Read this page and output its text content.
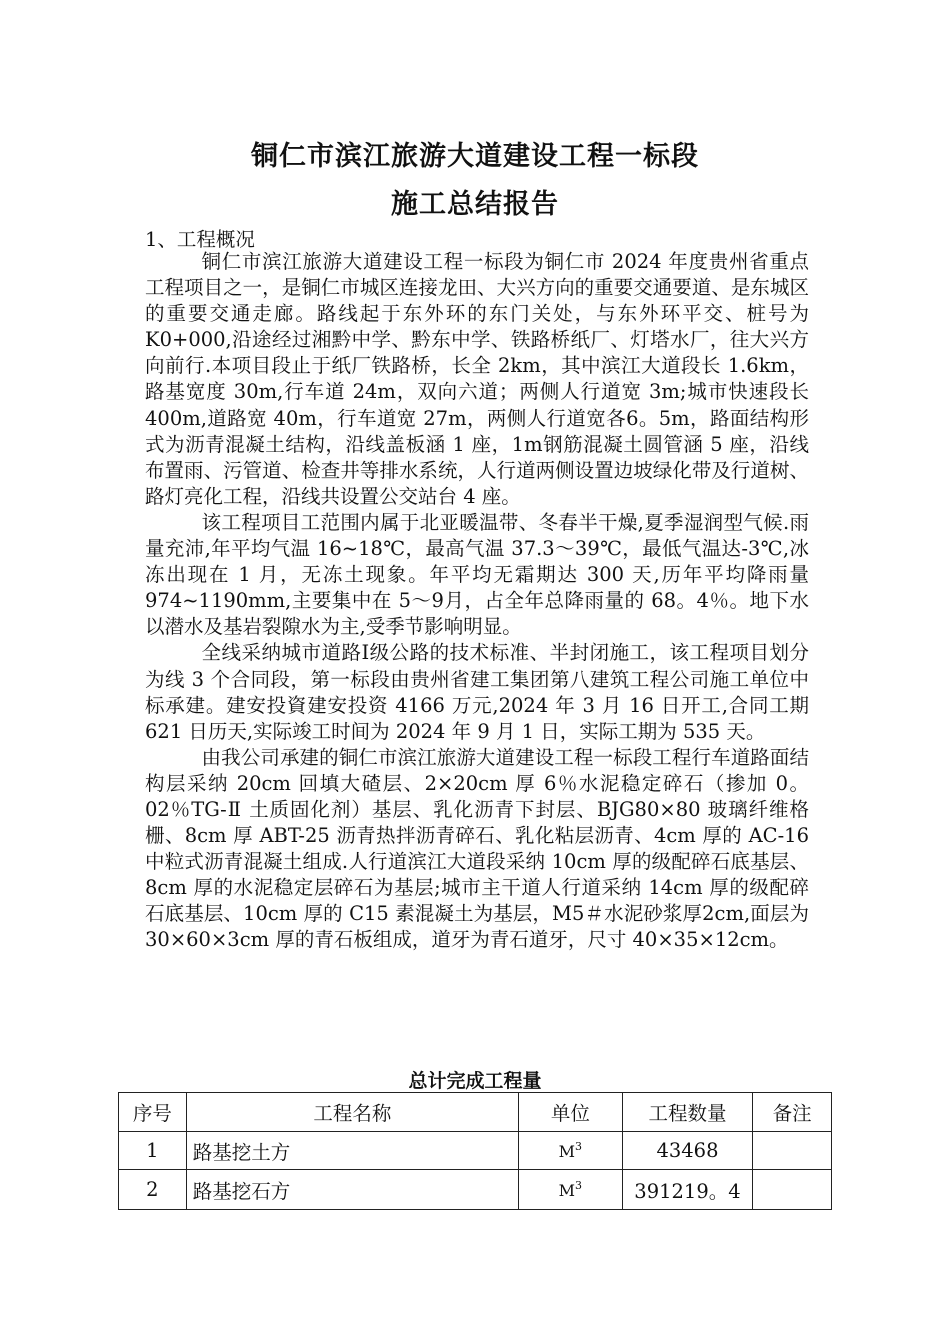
铜仁市滨江旅游大道建设工程一标段
施工总结报告
1、工程概况

铜仁市滨江旅游大道建设工程一标段为铜仁市 2024 年度贵州省重点工程项目之一，是铜仁市城区连接龙田、大兴方向的重要交通要道、是东城区的重要交通走廊。路线起于东外环的东门关处，与东外环平交、桩号为 K0+000,沿途经过湘黔中学、黔东中学、铁路桥纸厂、灯塔水厂，往大兴方向前行.本项目段止于纸厂铁路桥，长全 2km，其中滨江大道段长 1.6km，路基宽度 30m,行车道 24m，双向六道；两侧人行道宽 3m;城市快速段长 400m,道路宽 40m，行车道宽 27m，两侧人行道宽各6。5m，路面结构形式为沥青混凝土结构，沿线盖板涵 1 座，1m钢筋混凝土圆管涵 5 座，沿线布置雨、污管道、检查井等排水系统，人行道两侧设置边坡绿化带及行道树、路灯亮化工程，沿线共设置公交站台 4 座。

该工程项目工范围内属于北亚暖温带、冬春半干燥,夏季湿润型气候.雨量充沛,年平均气温 16~18℃，最高气温 37.3～39℃，最低气温达-3℃,冰冻出现在 1 月，无冻土现象。年平均无霜期达 300 天,历年平均降雨量 974~1190mm,主要集中在 5～9月，占全年总降雨量的 68。4％。地下水以潜水及基岩裂隙水为主,受季节影响明显。

全线采纳城市道路Ⅰ级公路的技术标准、半封闭施工，该工程项目划分为线 3 个合同段，第一标段由贵州省建工集团第八建筑工程公司施工单位中标承建。建安投資建安投资 4166 万元,2024 年 3 月 16 日开工,合同工期 621 日历天,实际竣工时间为 2024 年 9 月 1 日，实际工期为 535 天。

由我公司承建的铜仁市滨江旅游大道建设工程一标段工程行车道路面结构层采纳 20cm 回填大碴层、2×20cm 厚 6％水泥稳定碎石（掺加 0。02％TG-Ⅱ 土质固化剂）基层、乳化沥青下封层、BJG80×80 玻璃纤维格栅、8cm 厚 ABT-25 沥青热拌沥青碎石、乳化粘层沥青、4cm 厚的 AC-16 中粒式沥青混凝土组成.人行道滨江大道段采纳 10cm 厚的级配碎石底基层、8cm 厚的水泥稳定层碎石为基层;城市主干道人行道采纳 14cm 厚的级配碎石底基层、10cm 厚的 C15 素混凝土为基层，M5＃水泥砂浆厚2cm,面层为 30×60×3cm 厚的青石板组成，道牙为青石道牙，尺寸 40×35×12cm。

总计完成工程量
序号	工程名称	单位	工程数量	备注
1	路基挖土方	$M^3$	43468	
2	路基挖石方	$M^3$	391219。4	
